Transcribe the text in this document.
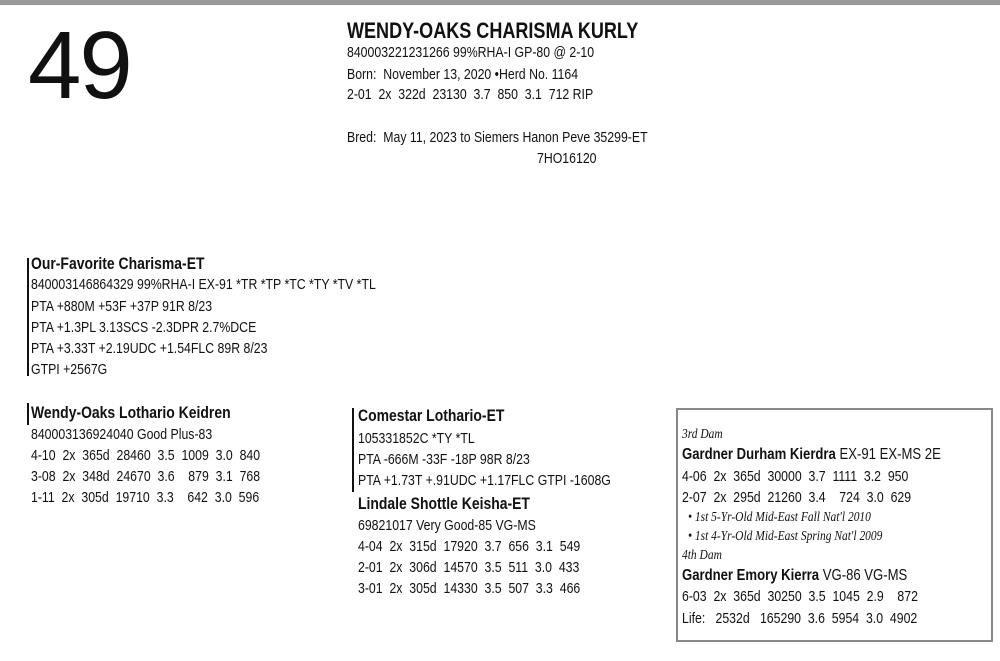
49	WENDY-OAKS CHARISMA KURLY
840003221231266 99%RHA-I GP-80 @ 2-10
Born:  November 13, 2020 •Herd No. 1164
2-01  2x  322d  23130  3.7  850  3.1  712 RIP
Bred:  May 11, 2023 to Siemers Hanon Peve 35299-ET
7HO16120
Our-Favorite Charisma-ET
840003146864329 99%RHA-I EX-91 *TR *TP *TC *TY *TV *TL
PTA +880M +53F +37P 91R 8/23
PTA +1.3PL 3.13SCS -2.3DPR 2.7%DCE
PTA +3.33T +2.19UDC +1.54FLC 89R 8/23
GTPI +2567G
Wendy-Oaks Lothario Keidren
840003136924040 Good Plus-83
4-10  2x  365d  28460  3.5  1009  3.0  840
3-08  2x  348d  24670  3.6    879  3.1  768
1-11  2x  305d  19710  3.3    642  3.0  596
Comestar Lothario-ET
105331852C *TY *TL
PTA -666M -33F -18P 98R 8/23
PTA +1.73T +.91UDC +1.17FLC GTPI -1608G
Lindale Shottle Keisha-ET
69821017 Very Good-85 VG-MS
4-04  2x  315d  17920  3.7  656  3.1  549
2-01  2x  306d  14570  3.5  511  3.0  433
3-01  2x  305d  14330  3.5  507  3.3  466
3rd Dam
Gardner Durham Kierdra EX-91 EX-MS 2E
4-06  2x  365d  30000  3.7  1111  3.2  950
2-07  2x  295d  21260  3.4    724  3.0  629
• 1st 5-Yr-Old Mid-East Fall Nat'l 2010
• 1st 4-Yr-Old Mid-East Spring Nat'l 2009
4th Dam
Gardner Emory Kierra VG-86 VG-MS
6-03  2x  365d  30250  3.5  1045  2.9    872
Life:   2532d   165290  3.6  5954  3.0  4902
